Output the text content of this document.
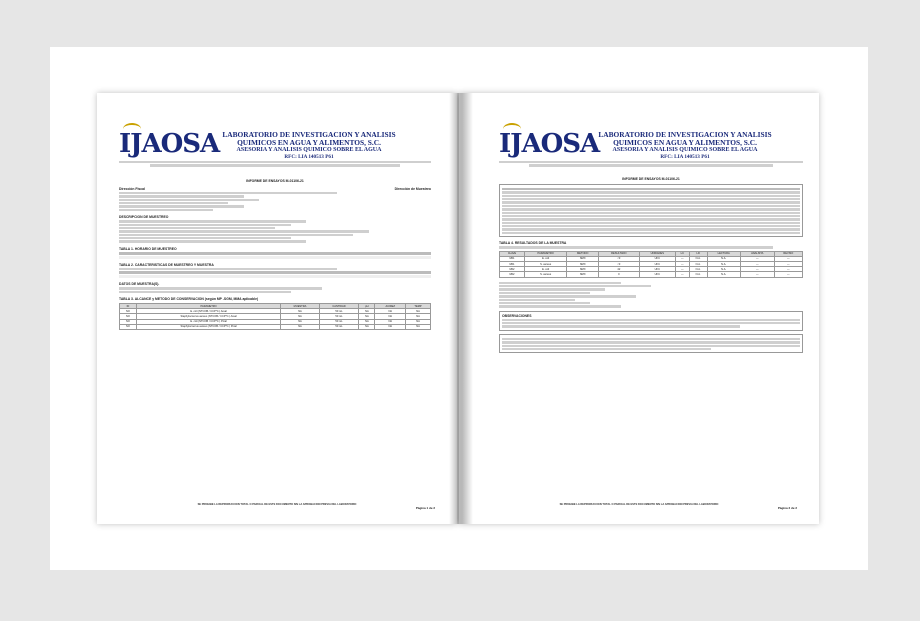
IJAOSA LABORATORIO DE INVESTIGACION Y ANALISIS
QUIMICOS EN AGUA Y ALIMENTOS, S.C.
ASESORIA Y ANALISIS QUIMICO SOBRE EL AGUA
RFC: LIA 140513 P61
INFORME DE ENSAYOS M-01106-21
Dirección Fiscal	Dirección de Muestreo
DESCRIPCION DE MUESTREO
TABLA 1. HORARIO DE MUESTREO
TABLA 2. CARACTERISTICAS DE MUESTREO Y MUESTRA
DATOS DE MUESTRA(S).
TABLA 3. ALCANCE y METODO DE CONSERVACION (según MP -SGM, MMA aplicable)
ID	PARAMETRO	MUESTRA	CANTIDAD	pH	ACIDEZ	TEMP
NO	E. coli (NTCOB / CCP*C.) Areal	NA	50 mL	NA	NA	NA
NO	Staphylococcus aureus (NTCOB / CCP*C.) Areal	NA	50 mL	NA	NA	NA
NO	E. coli (NTCOB / CCP*C.) Pnial	NA	50 mL	NA	NA	NA
NO	Staphylococcus aureus (NTCOB / CCP*C.) Pnial	NA	50 mL	NA	NA	NA
SE PROHIBE LA REPRODUCCION TOTAL O PARCIAL DE ESTE DOCUMENTO SIN LA APROBACION PREVIA DEL LABORATORIO
Página 1 de 2
IJAOSA LABORATORIO DE INVESTIGACION Y ANALISIS
QUIMICOS EN AGUA Y ALIMENTOS, S.C.
ASESORIA Y ANALISIS QUIMICO SOBRE EL AGUA
RFC: LIA 140513 P61
INFORME DE ENSAYOS M-01106-21
TABLA 4. RESULTADOS DE LA MUESTRA
CLAVE	PARAMETRO	METODO	RESULTADO	UNIDADES	LC	LD	LECTURA	ANALISTA	REVISO
M01	E. coli	NMX	<3	UFC	—	N.A.	N.A.	—	—
M01	S. aureus	NMX	<3	UFC	—	N.A.	N.A.	—	—
M02	E. coli	NMX	42	UFC	—	N.A.	N.A.	—	—
M02	S. aureus	NMX	0	UFC	—	N.A.	N.A.	—	—
OBSERVACIONES
SE PROHIBE LA REPRODUCCION TOTAL O PARCIAL DE ESTE DOCUMENTO SIN LA APROBACION PREVIA DEL LABORATORIO
Página 2 de 2
